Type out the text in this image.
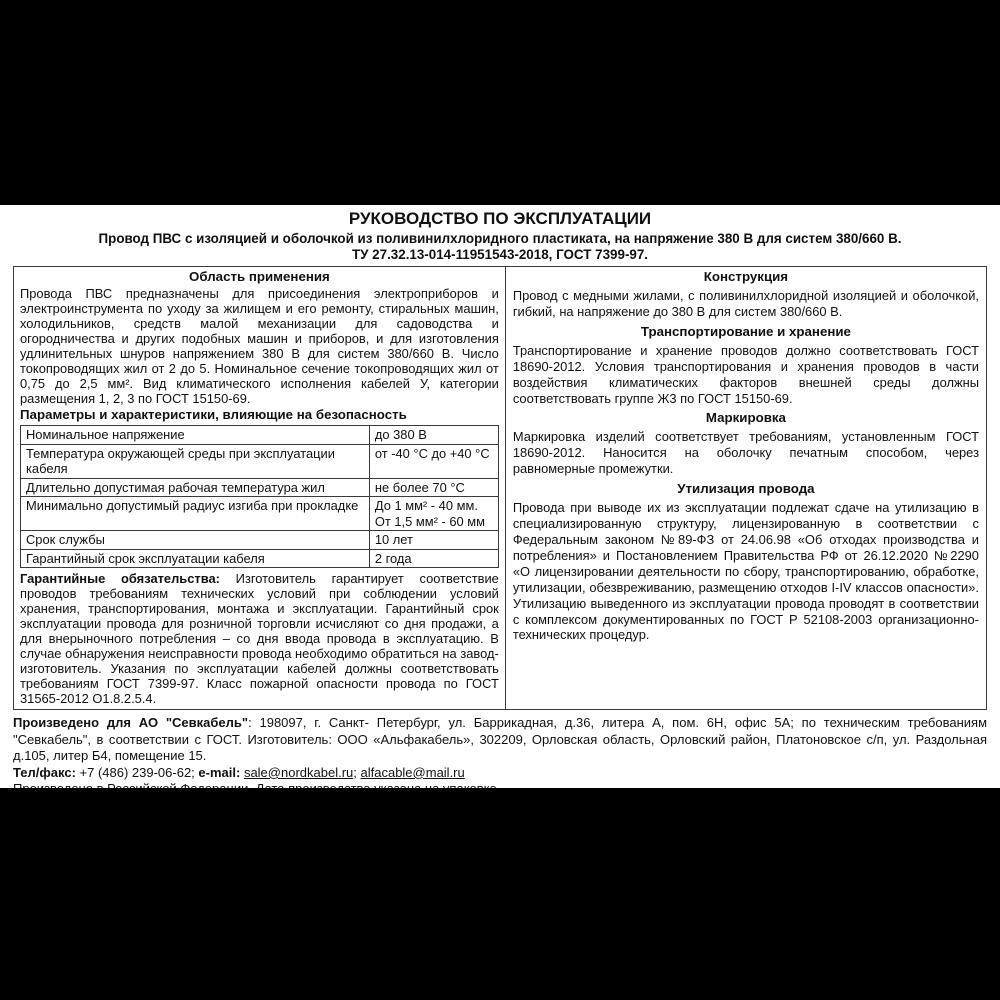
РУКОВОДСТВО ПО ЭКСПЛУАТАЦИИ
Провод ПВС с изоляцией и оболочкой из поливинилхлоридного пластиката, на напряжение 380 В для систем 380/660 В.
ТУ 27.32.13-014-11951543-2018, ГОСТ 7399-97.
Область применения

Провода ПВС предназначены для присоединения электроприборов и электроинструмента по уходу за жилищем и его ремонту, стиральных машин, холодильников, средств малой механизации для садоводства и огородничества и других подобных машин и приборов, и для изготовления удлинительных шнуров напряжением 380 В для систем 380/660 В. Число токопроводящих жил от 2 до 5. Номинальное сечение токопроводящих жил от 0,75 до 2,5 мм². Вид климатического исполнения кабелей У, категории размещения 1, 2, 3 по ГОСТ 15150-69.

Параметры и характеристики, влияющие на безопасность
Номинальное напряжение	до 380 В
Температура окружающей среды при эксплуатации кабеля	от -40 °С до +40 °С
Длительно допустимая рабочая температура жил	не более 70 °С
Минимально допустимый радиус изгиба при прокладке	До 1 мм² - 40 мм.
От 1,5 мм² - 60 мм

Срок службы	10 лет
Гарантийный срок эксплуатации кабеля	2 года

Гарантийные обязательства: Изготовитель гарантирует соответствие проводов требованиям технических условий при соблюдении условий хранения, транспортирования, монтажа и эксплуатации. Гарантийный срок эксплуатации провода для розничной торговли исчисляют со дня продажи, а для внерыночного потребления – со дня ввода провода в эксплуатацию. В случае обнаружения неисправности провода необходимо обратиться на завод-изготовитель. Указания по эксплуатации кабелей должны соответствовать требованиям ГОСТ 7399-97. Класс пожарной опасности провода по ГОСТ 31565-2012 О1.8.2.5.4.

Конструкция

Провод с медными жилами, с поливинилхлоридной изоляцией и оболочкой, гибкий, на напряжение до 380 В для систем 380/660 В.

Транспортирование и хранение

Транспортирование и хранение проводов должно соответствовать ГОСТ 18690-2012. Условия транспортирования и хранения проводов в части воздействия климатических факторов внешней среды должны соответствовать группе Ж3 по ГОСТ 15150-69.

Маркировка

Маркировка изделий соответствует требованиям, установленным ГОСТ 18690-2012. Наносится на оболочку печатным способом, через равномерные промежутки.

Утилизация провода

Провода при выводе их из эксплуатации подлежат сдаче на утилизацию в специализированную структуру, лицензированную в соответствии с Федеральным законом №89-ФЗ от 24.06.98 «Об отходах производства и потребления» и Постановлением Правительства РФ от 26.12.2020 №2290 «О лицензировании деятельности по сбору, транспортированию, обработке, утилизации, обезвреживанию, размещению отходов I-IV классов опасности». Утилизацию выведенного из эксплуатации провода проводят в соответствии с комплексом документированных по ГОСТ Р 52108-2003 организационно-технических процедур.

Произведено для АО "Севкабель": 198097, г. Санкт- Петербург, ул. Баррикадная, д.36, литера А, пом. 6Н, офис 5А; по техническим требованиям "Севкабель", в соответствии с ГОСТ. Изготовитель: ООО «Альфакабель», 302209, Орловская область, Орловский район, Платоновское с/п, ул. Раздольная д.105, литер Б4, помещение 15.

Тел/факс: +7 (486) 239-06-62; e-mail: sale@nordkabel.ru; alfacable@mail.ru
